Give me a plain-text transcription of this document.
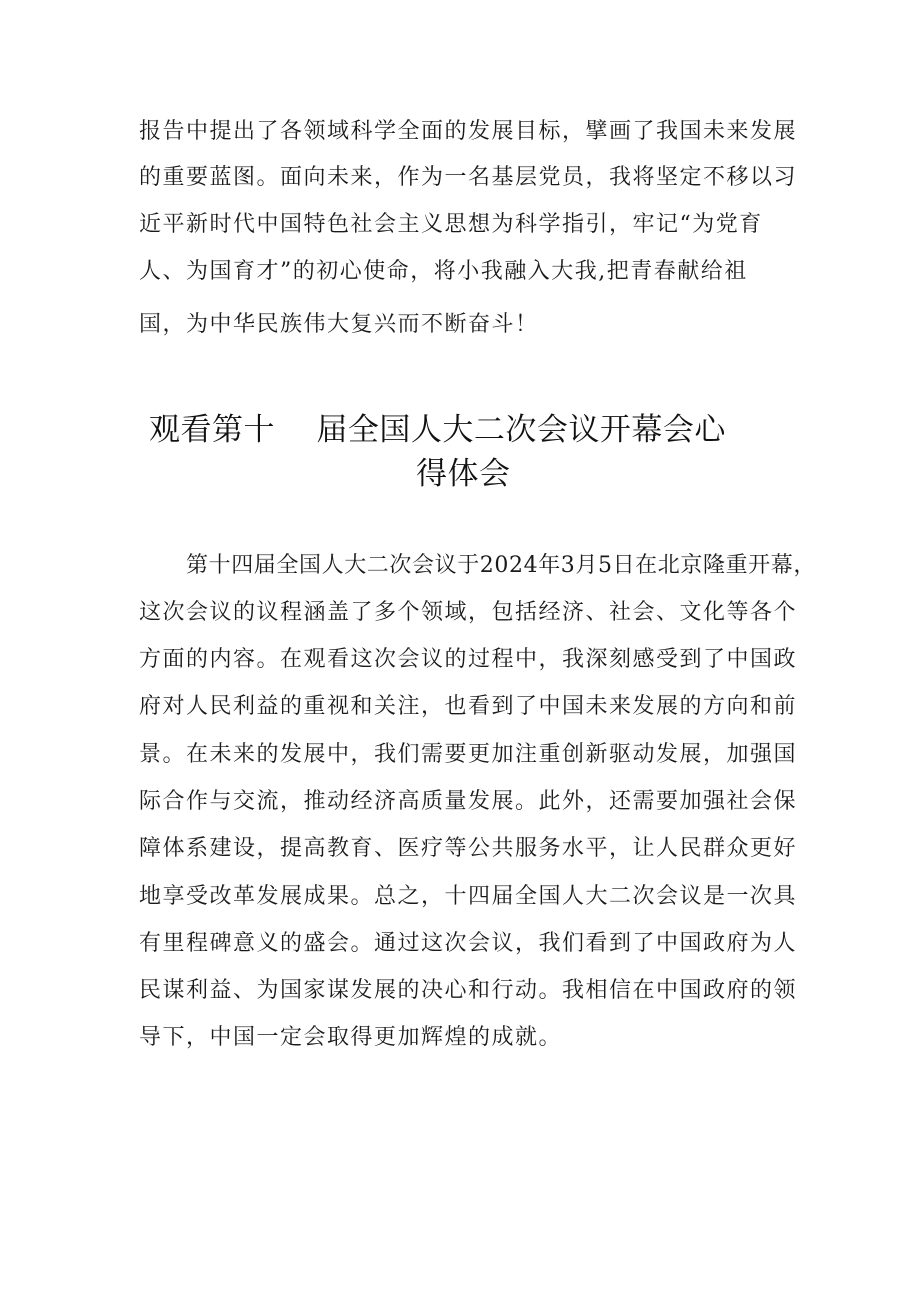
报告中提出了各领域科学全面的发展目标，擘画了我国未来发展
的重要蓝图。面向未来，作为一名基层党员，我将坚定不移以习
近平新时代中国特色社会主义思想为科学指引，牢记“为党育
人、为国育才”的初心使命，将小我融入大我,把青春献给祖
国，为中华民族伟大复兴而不断奋斗！
观看第十    届全国人大二次会议开幕会心
得体会
第十四届全国人大二次会议于2024年3月5日在北京隆重开幕，
这次会议的议程涵盖了多个领域，包括经济、社会、文化等各个
方面的内容。在观看这次会议的过程中，我深刻感受到了中国政
府对人民利益的重视和关注，也看到了中国未来发展的方向和前
景。在未来的发展中，我们需要更加注重创新驱动发展，加强国
际合作与交流，推动经济高质量发展。此外，还需要加强社会保
障体系建设，提高教育、医疗等公共服务水平，让人民群众更好
地享受改革发展成果。总之，十四届全国人大二次会议是一次具
有里程碑意义的盛会。通过这次会议，我们看到了中国政府为人
民谋利益、为国家谋发展的决心和行动。我相信在中国政府的领
导下，中国一定会取得更加辉煌的成就。
